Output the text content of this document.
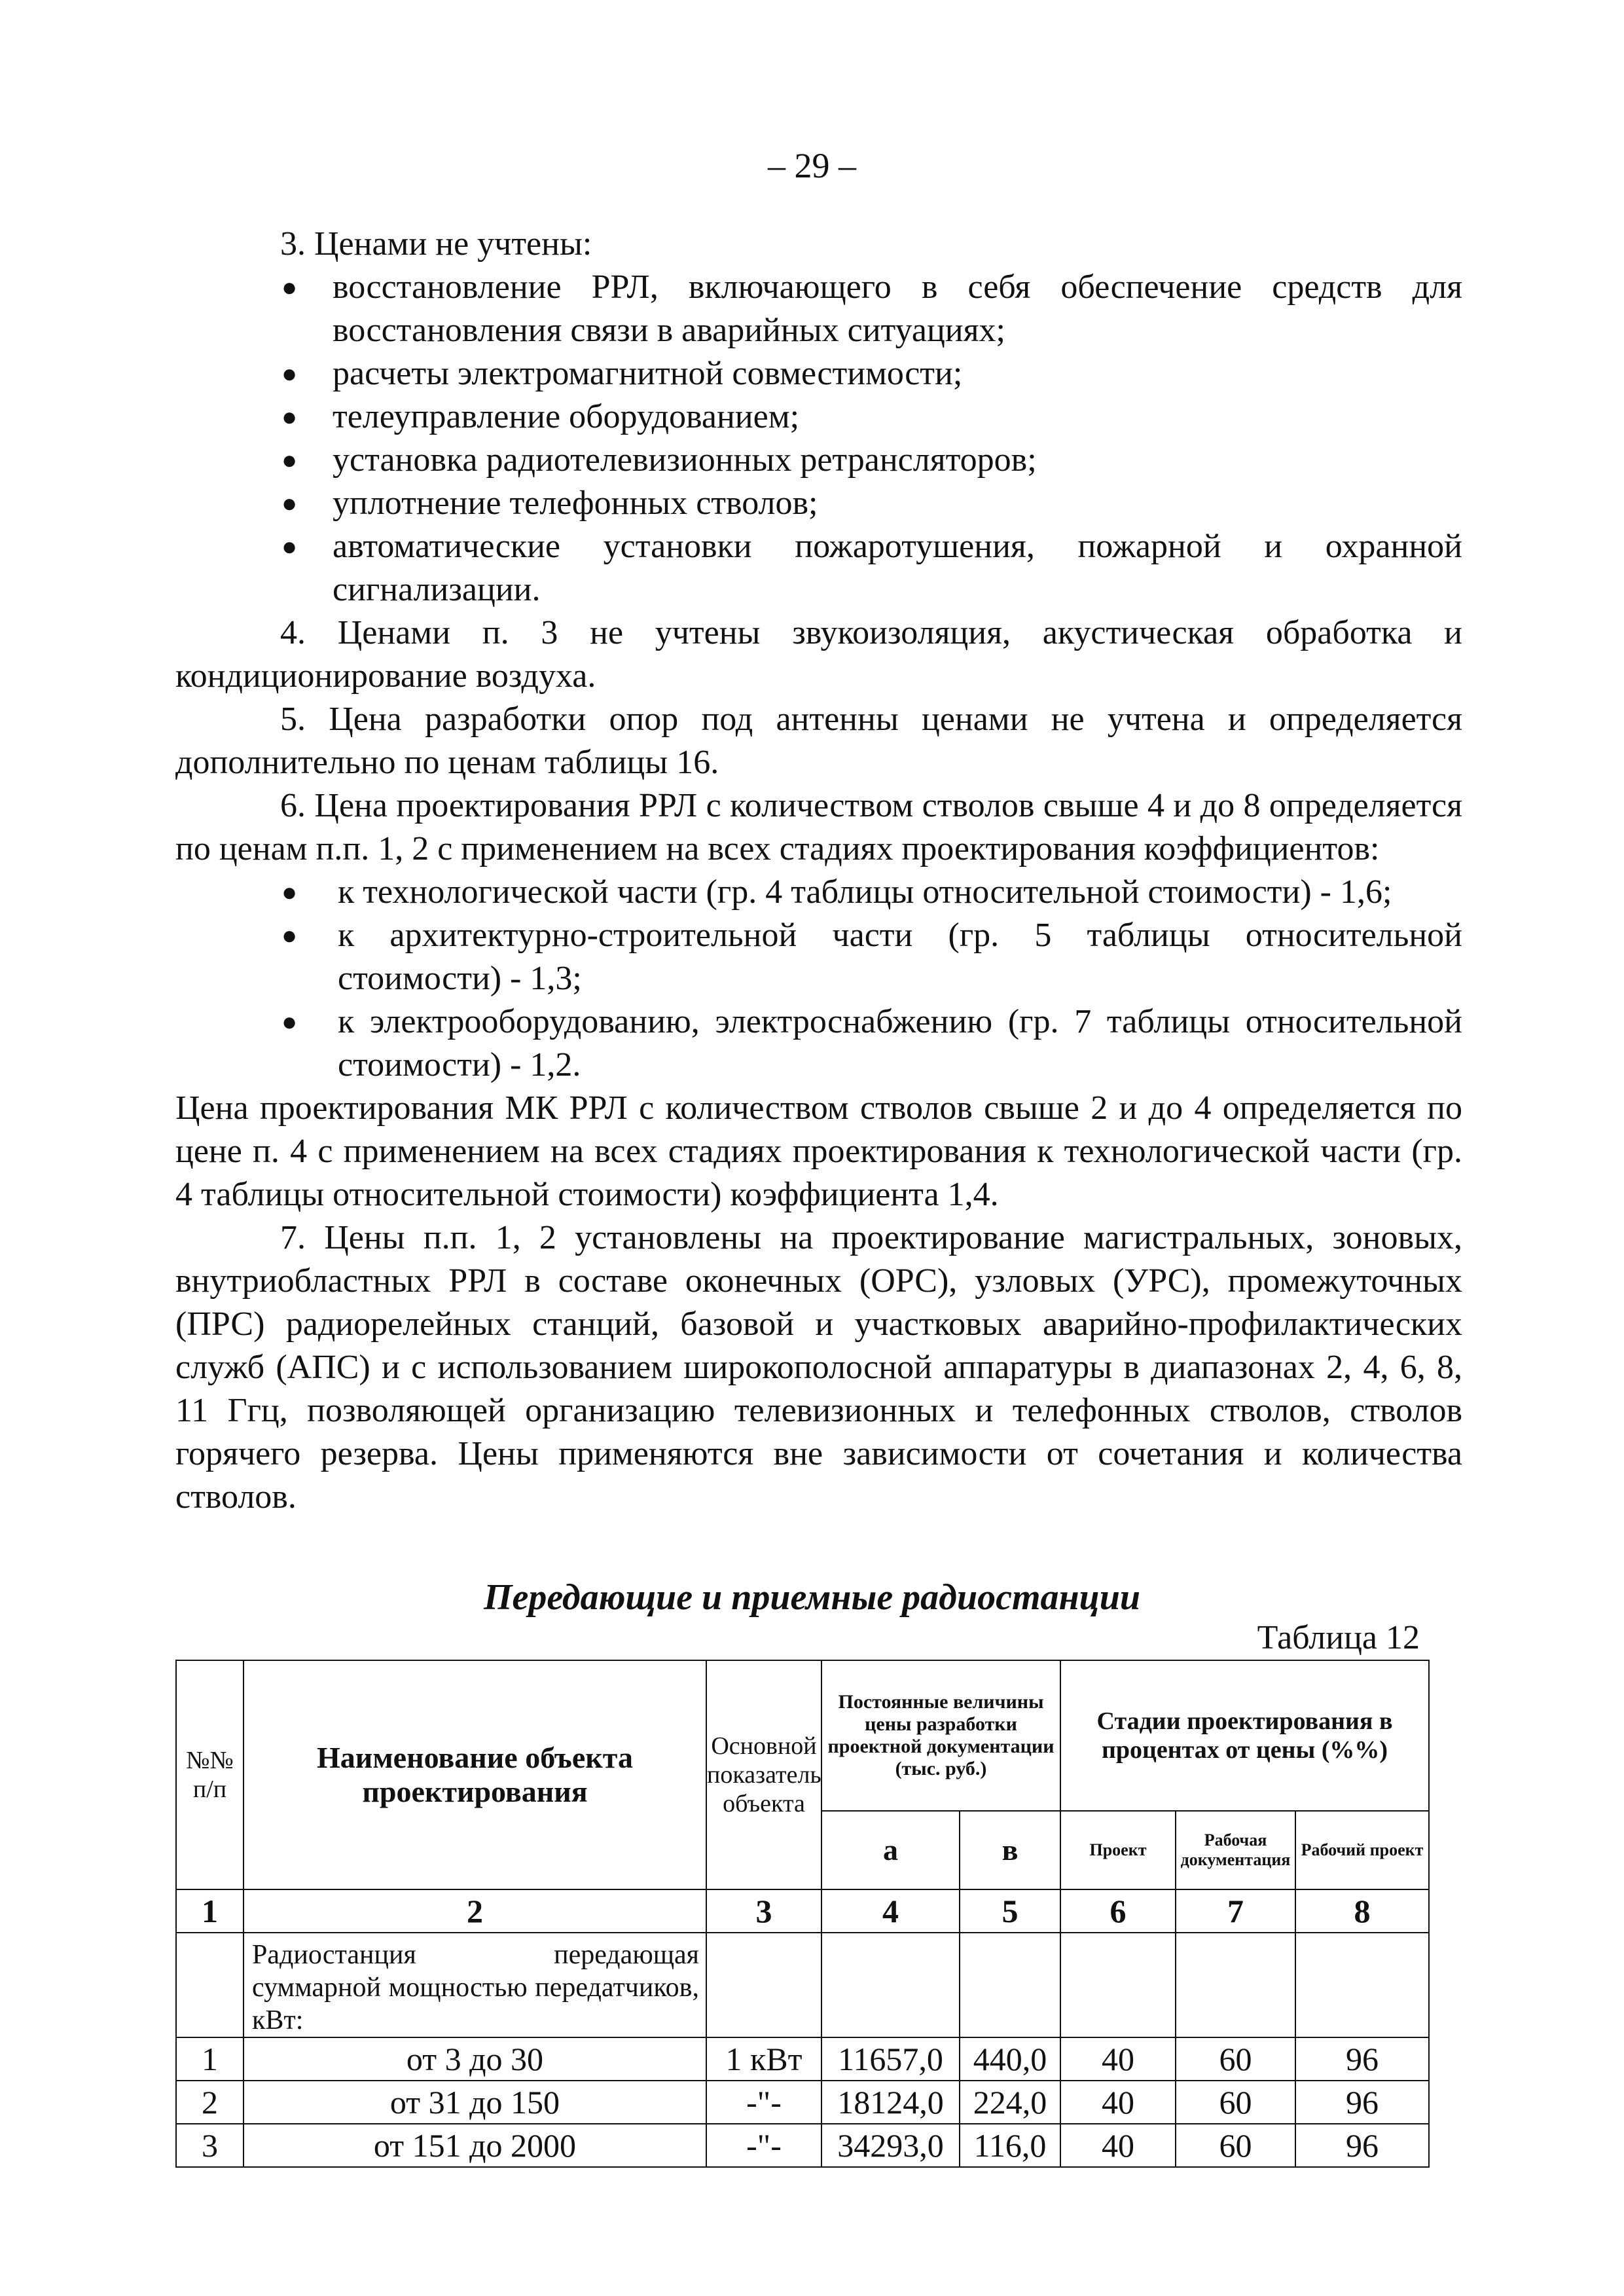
– 29 –

3. Ценами не учтены:

● восстановление РРЛ, включающего в себя обеспечение средств для восстановления связи в аварийных ситуациях;
● расчеты электромагнитной совместимости;
● телеуправление оборудованием;
● установка радиотелевизионных ретрансляторов;
● уплотнение телефонных стволов;
● автоматические установки пожаротушения, пожарной и охранной сигнализации.

4. Ценами п. 3 не учтены звукоизоляция, акустическая обработка и кондиционирование воздуха.

5. Цена разработки опор под антенны ценами не учтена и определяется дополнительно по ценам таблицы 16.

6. Цена проектирования РРЛ с количеством стволов свыше 4 и до 8 определяется по ценам п.п. 1, 2 с применением на всех стадиях проектирования коэффициентов:

● к технологической части (гр. 4 таблицы относительной стоимости) - 1,6;
● к архитектурно-строительной части (гр. 5 таблицы относительной стоимости) - 1,3;
● к электрооборудованию, электроснабжению (гр. 7 таблицы относительной стоимости) - 1,2.

Цена проектирования МК РРЛ с количеством стволов свыше 2 и до 4 определяется по цене п. 4 с применением на всех стадиях проектирования к технологической части (гр. 4 таблицы относительной стоимости) коэффициента 1,4.

7. Цены п.п. 1, 2 установлены на проектирование магистральных, зоновых, внутриобластных РРЛ в составе оконечных (ОРС), узловых (УРС), промежуточных (ПРС) радиорелейных станций, базовой и участковых аварийно-профилактических служб (АПС) и с использованием широкополосной аппаратуры в диапазонах 2, 4, 6, 8, 11 Ггц, позволяющей организацию телевизионных и телефонных стволов, стволов горячего резерва. Цены применяются вне зависимости от сочетания и количества стволов.

Передающие и приемные радиостанции
Таблица 12
№№ п/п	Наименование объекта проектирования	Основной показатель объекта	Постоянные величины цены разработки проектной документации (тыс. руб.)		Стадии проектирования в процентах от цены (%%)		
			а	в	Проект	Рабочая документация	Рабочий проект
1	2	3	4	5	6	7	8
	Радиостанция передающая суммарной мощностью передатчиков, кВт:						
1	от 3 до 30	1 кВт	11657,0	440,0	40	60	96
2	от 31 до 150	-"-	18124,0	224,0	40	60	96
3	от 151 до 2000	-"-	34293,0	116,0	40	60	96
